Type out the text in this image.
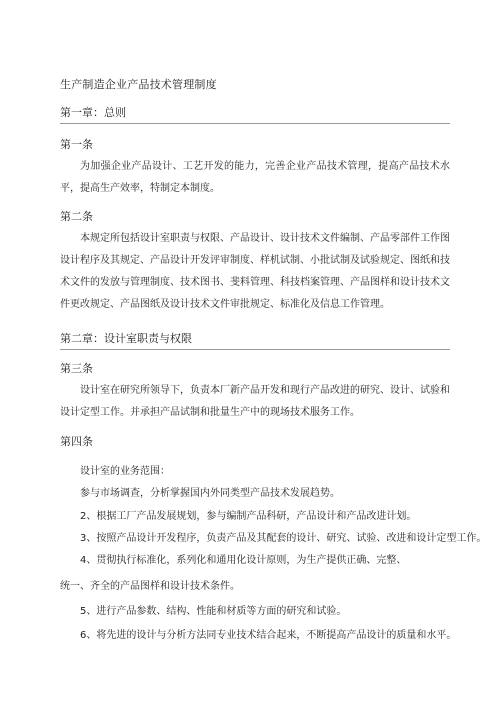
生产制造企业产品技术管理制度
第一章：总则
第一条
为加强企业产品设计、工艺开发的能力，完善企业产品技术管理，提高产品技术水平，提高生产效率，特制定本制度。
第二条
本规定所包括设计室职责与权限、产品设计、设计技术文件编制、产品零部件工作图设计程序及其规定、产品设计开发评审制度、样机试制、小批试制及试验规定、图纸和技术文件的发放与管理制度、技术图书、斐料管理、科技档案管理、产品图样和设计技术文件更改规定、产品图纸及设计技术文件审批规定、标准化及信息工作管理。
第二章：设计室职责与权限
第三条
设计室在研究所领导下，负责本厂新产品开发和现行产品改进的研究、设计、试验和设计定型工作。并承担产品试制和批量生产中的现场技术服务工作。
第四条
设计室的业务范围：
参与市场调查，分析掌握国内外同类型产品技术发展趋势。
2、根据工厂产品发展规划，参与编制产品科研，产品设计和产品改进计划。
3、按照产品设计开发程序，负责产品及其配套的设计、研究、试验、改进和设计定型工作。
4、贯彻执行标准化，系列化和通用化设计原则，为生产提供正确、完整、
统一、齐全的产品图样和设计技术条件。
5、进行产品参数、结构、性能和材质等方面的研究和试验。
6、将先进的设计与分析方法同专业技术结合起来，不断提高产品设计的质量和水平。
